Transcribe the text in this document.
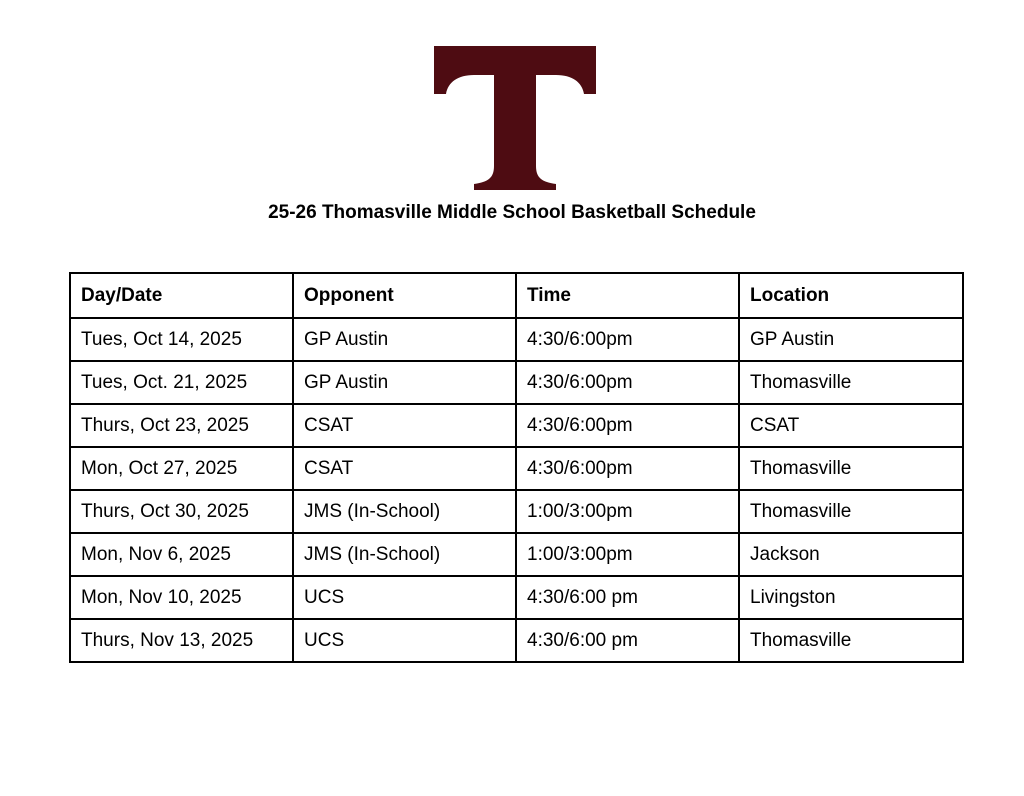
25-26 Thomasville Middle School Basketball Schedule
Day/Date	Opponent	Time	Location
Tues, Oct 14, 2025	GP Austin	4:30/6:00pm	GP Austin
Tues, Oct. 21, 2025	GP Austin	4:30/6:00pm	Thomasville
Thurs, Oct 23, 2025	CSAT	4:30/6:00pm	CSAT
Mon, Oct 27, 2025	CSAT	4:30/6:00pm	Thomasville
Thurs, Oct 30, 2025	JMS (In-School)	1:00/3:00pm	Thomasville
Mon, Nov 6, 2025	JMS (In-School)	1:00/3:00pm	Jackson
Mon, Nov 10, 2025	UCS	4:30/6:00 pm	Livingston
Thurs, Nov 13, 2025	UCS	4:30/6:00 pm	Thomasville
